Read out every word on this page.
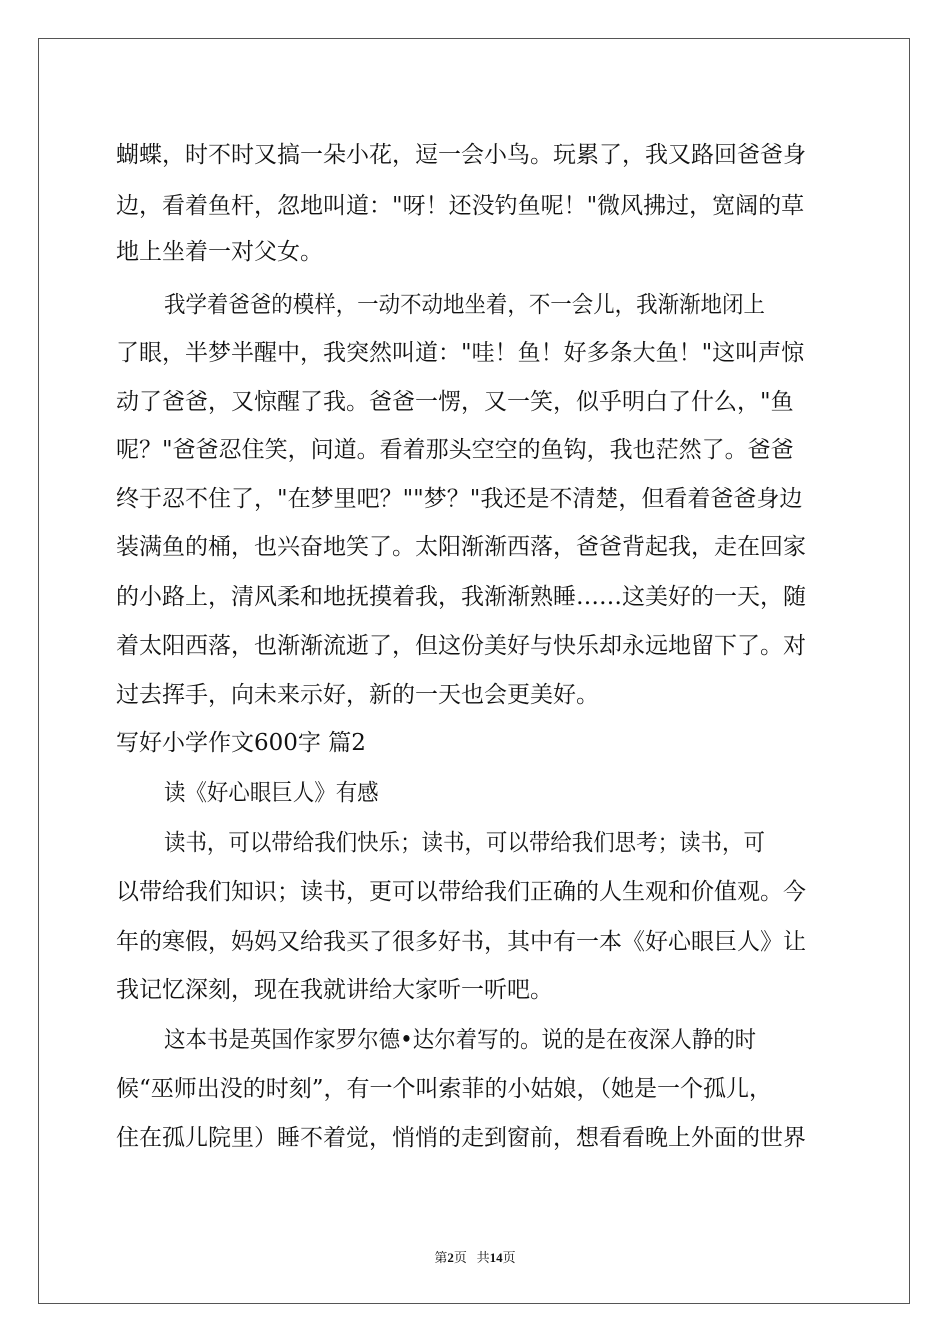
蝴蝶，时不时又搞一朵小花，逗一会小鸟。玩累了，我又路回爸爸身
边，看着鱼杆，忽地叫道："呀！还没钓鱼呢！"微风拂过，宽阔的草
地上坐着一对父女。
我学着爸爸的模样，一动不动地坐着，不一会儿，我渐渐地闭上
了眼，半梦半醒中，我突然叫道："哇！鱼！好多条大鱼！"这叫声惊
动了爸爸，又惊醒了我。爸爸一愣，又一笑，似乎明白了什么，"鱼
呢？"爸爸忍住笑，问道。看着那头空空的鱼钩，我也茫然了。爸爸
终于忍不住了，"在梦里吧？""梦？"我还是不清楚，但看着爸爸身边
装满鱼的桶，也兴奋地笑了。太阳渐渐西落，爸爸背起我，走在回家
的小路上，清风柔和地抚摸着我，我渐渐熟睡……这美好的一天，随
着太阳西落，也渐渐流逝了，但这份美好与快乐却永远地留下了。对
过去挥手，向未来示好，新的一天也会更美好。
写好小学作文600字 篇2
读《好心眼巨人》有感
读书，可以带给我们快乐；读书，可以带给我们思考；读书，可
以带给我们知识；读书，更可以带给我们正确的人生观和价值观。今
年的寒假，妈妈又给我买了很多好书，其中有一本《好心眼巨人》让
我记忆深刻，现在我就讲给大家听一听吧。
这本书是英国作家罗尔德•达尔着写的。说的是在夜深人静的时
候“巫师出没的时刻”，有一个叫索菲的小姑娘，（她是一个孤儿，
住在孤儿院里）睡不着觉，悄悄的走到窗前，想看看晚上外面的世界
第2页 共14页
